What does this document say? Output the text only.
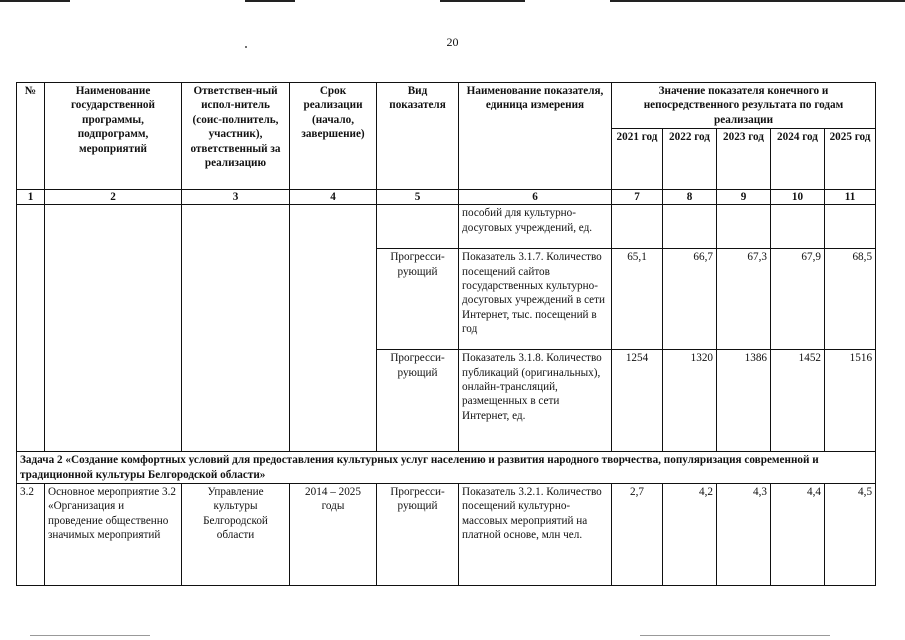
20
№	Наименование государственной программы, подпрограмм, мероприятий	Ответствен-ный испол-нитель (соис-полнитель, участник), ответственный за реализацию	Срок реализации (начало, завершение)	Вид показателя	Наименование показателя, единица измерения	Значение показателя конечного и непосредственного результата по годам реализации				
						2021 год	2022 год	2023 год	2024 год	2025 год
1	2	3	4	5	6	7	8	9	10	11
					пособий для культурно-досуговых учреждений, ед.					
				Прогресси-рующий	Показатель 3.1.7. Количество посещений сайтов государственных культурно-досуговых учреждений в сети Интернет, тыс. посещений в год	65,1	66,7	67,3	67,9	68,5
				Прогресси-рующий	Показатель 3.1.8. Количество публикаций (оригинальных), онлайн-трансляций, размещенных в сети Интернет, ед.	1254	1320	1386	1452	1516
Задача 2 «Создание комфортных условий для предоставления культурных услуг населению и развития народного творчества, популяризация современной и традиционной культуры Белгородской области»										
3.2	Основное мероприятие 3.2 «Организация и проведение общественно значимых мероприятий	Управление культуры Белгородской области	2014 – 2025 годы	Прогресси-рующий	Показатель 3.2.1. Количество посещений культурно-массовых мероприятий на платной основе, млн чел.	2,7	4,2	4,3	4,4	4,5
